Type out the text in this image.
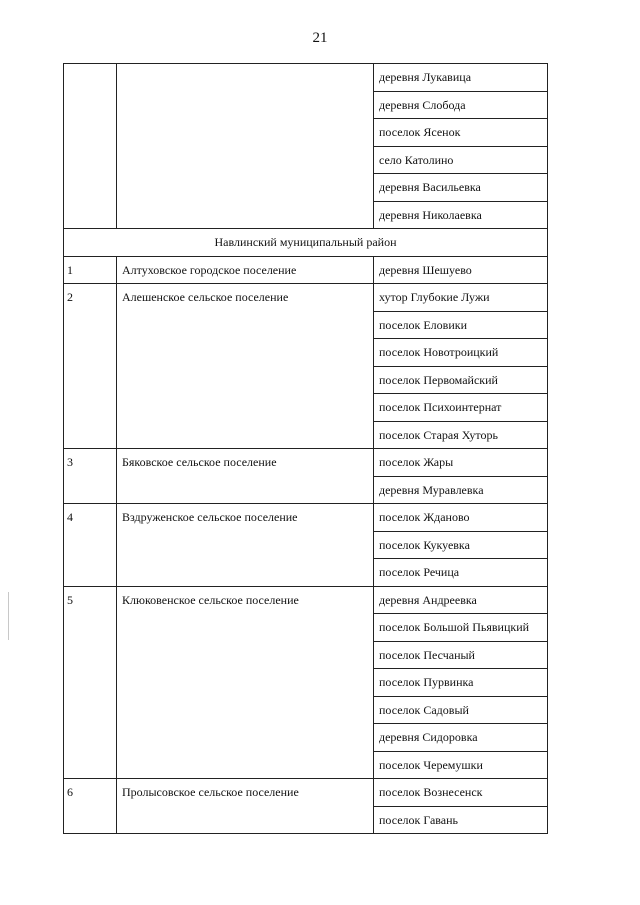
21
		деревня Лукавица
		деревня Слобода
		поселок Ясенок
		село Католино
		деревня Васильевка
		деревня Николаевка
Навлинский муниципальный район		
1	Алтуховское городское поселение	деревня Шешуево
2	Алешенское сельское поселение	хутор Глубокие Лужи
		поселок Еловики
		поселок Новотроицкий
		поселок Первомайский
		поселок Психоинтернат
		поселок Старая Хуторь
3	Бяковское сельское поселение	поселок Жары
		деревня Муравлевка
4	Вздруженское сельское поселение	поселок Жданово
		поселок Кукуевка
		поселок Речица
5	Клюковенское сельское поселение	деревня Андреевка
		поселок Большой Пьявицкий
		поселок Песчаный
		поселок Пурвинка
		поселок Садовый
		деревня Сидоровка
		поселок Черемушки
6	Пролысовское сельское поселение	поселок Вознесенск
		поселок Гавань
